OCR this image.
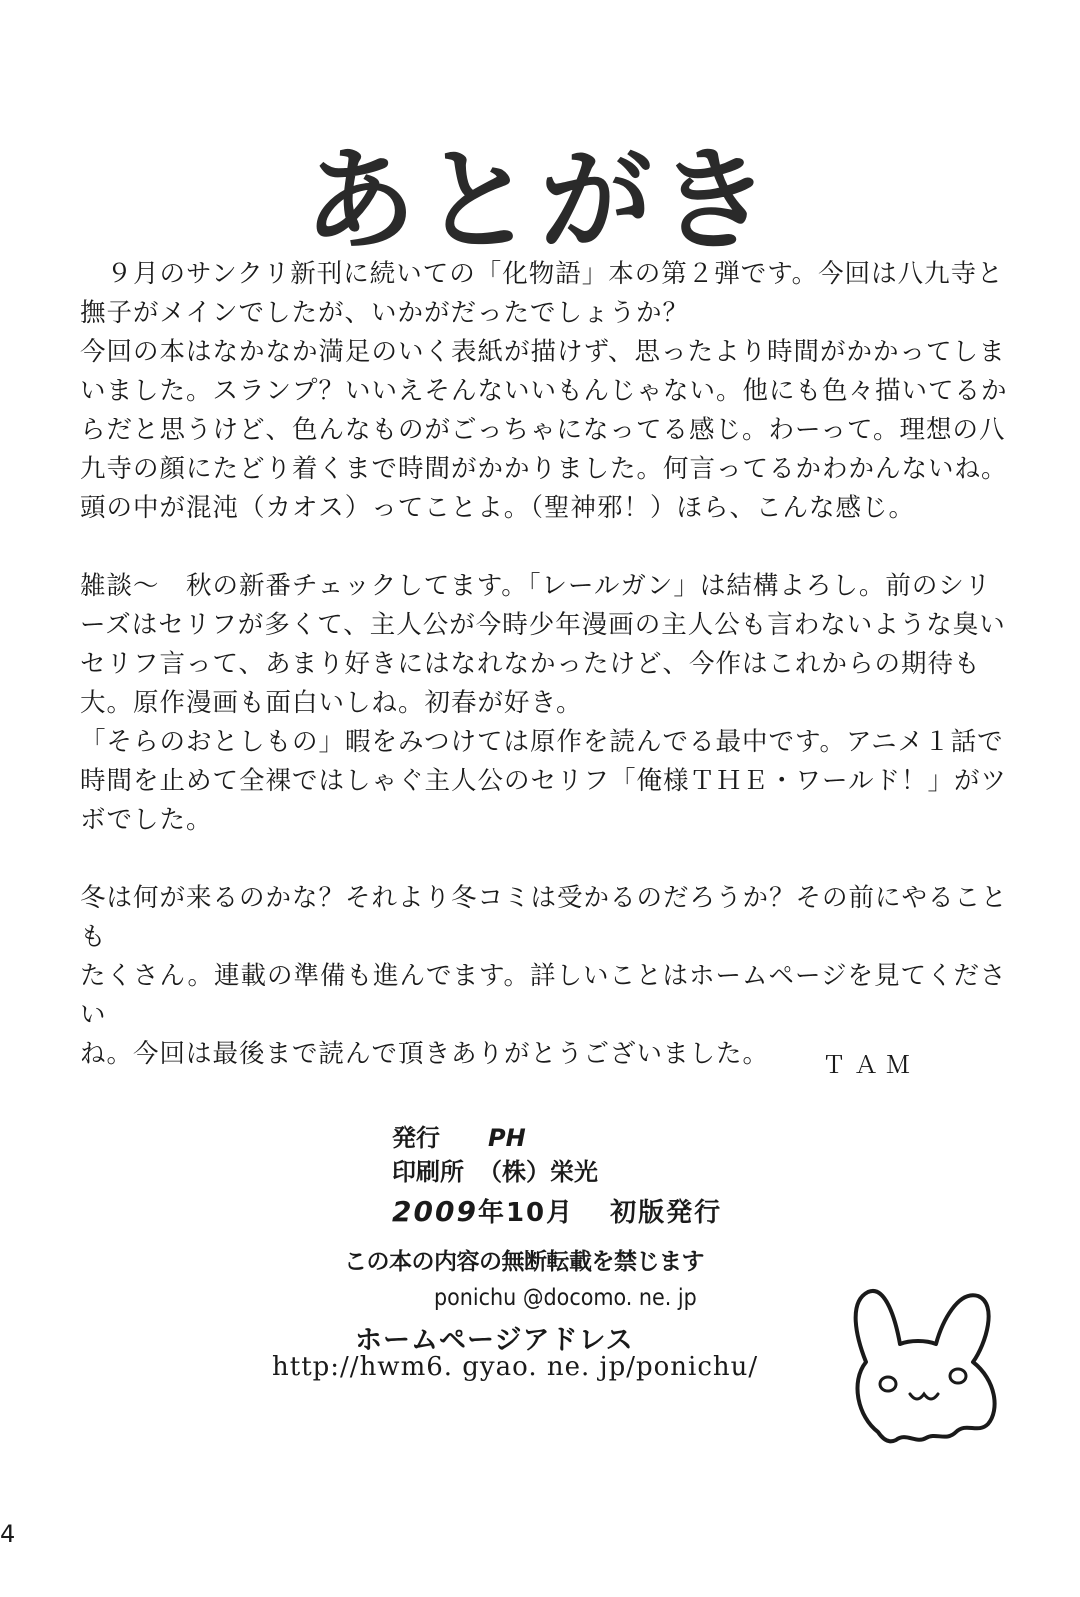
あとがき

　９月のサンクリ新刊に続いての「化物語」本の第２弾です。今回は八九寺と
撫子がメインでしたが、いかがだったでしょうか？
今回の本はなかなか満足のいく表紙が描けず、思ったより時間がかかってしま
いました。スランプ？いいえそんないいもんじゃない。他にも色々描いてるか
らだと思うけど、色んなものがごっちゃになってる感じ。わーって。理想の八
九寺の顔にたどり着くまで時間がかかりました。何言ってるかわかんないね。
頭の中が混沌（カオス）ってことよ。（聖神邪！）ほら、こんな感じ。

雑談～　秋の新番チェックしてます。「レールガン」は結構よろし。前のシリ
ーズはセリフが多くて、主人公が今時少年漫画の主人公も言わないような臭い
セリフ言って、あまり好きにはなれなかったけど、今作はこれからの期待も
大。原作漫画も面白いしね。初春が好き。
「そらのおとしもの」暇をみつけては原作を読んでる最中です。アニメ１話で
時間を止めて全裸ではしゃぐ主人公のセリフ「俺様ＴＨＥ・ワールド！」がツ
ボでした。

冬は何が来るのかな？それより冬コミは受かるのだろうか？その前にやることも
たくさん。連載の準備も進んでます。詳しいことはホームページを見てください
ね。今回は最後まで読んで頂きありがとうございました。	ＴＡＭ
発行 PH
印刷所 （株）栄光
2009年10月 初版発行
この本の内容の無断転載を禁じます
ponichu @docomo. ne. jp
ホームページアドレス
http://hwm6. gyao. ne. jp/ponichu/
4
